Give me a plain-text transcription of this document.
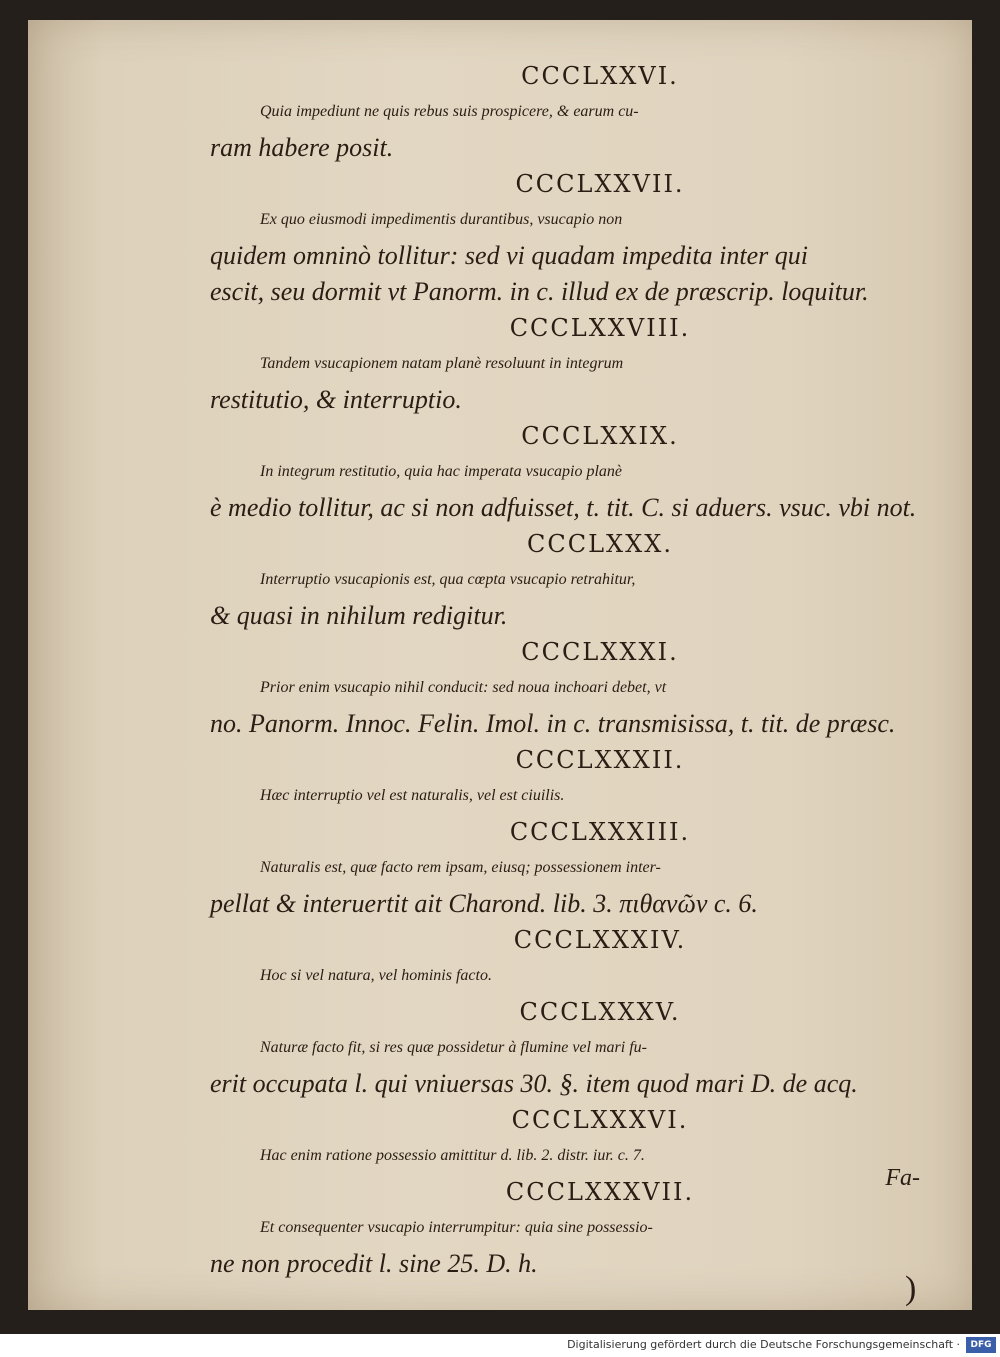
CCCLXXVI.

Quia impediunt ne quis rebus suis prospicere, & earum cu-
ram habere posit.

CCCLXXVII.

Ex quo eiusmodi impedimentis durantibus, vsucapio non
quidem omninò tollitur: sed vi quadam impedita inter qui
escit, seu dormit vt Panorm. in c. illud ex de præscrip. loquitur.

CCCLXXVIII.

Tandem vsucapionem natam planè resoluunt in integrum
restitutio, & interruptio.

CCCLXXIX.

In integrum restitutio, quia hac imperata vsucapio planè
è medio tollitur, ac si non adfuisset, t. tit. C. si aduers. vsuc. vbi not.

CCCLXXX.

Interruptio vsucapionis est, qua cœpta vsucapio retrahitur,
& quasi in nihilum redigitur.

CCCLXXXI.

Prior enim vsucapio nihil conducit: sed noua inchoari debet, vt
no. Panorm. Innoc. Felin. Imol. in c. transmisissa, t. tit. de præsc.

CCCLXXXII.

Hæc interruptio vel est naturalis, vel est ciuilis.

CCCLXXXIII.

Naturalis est, quæ facto rem ipsam, eiusq; possessionem inter-
pellat & interuertit ait Charond. lib. 3. πιθανῶν c. 6.

CCCLXXXIV.

Hoc si vel natura, vel hominis facto.

CCCLXXXV.

Naturæ facto fit, si res quæ possidetur à flumine vel mari fu-
erit occupata l. qui vniuersas 30. §. item quod mari D. de acq.

CCCLXXXVI.

Hac enim ratione possessio amittitur d. lib. 2. distr. iur. c. 7.

CCCLXXXVII.

Et consequenter vsucapio interrumpitur: quia sine possessio-
ne non procedit l. sine 25. D. h.

Fa-
)
Digitalisierung gefördert durch die Deutsche Forschungsgemeinschaft ·	DFG
